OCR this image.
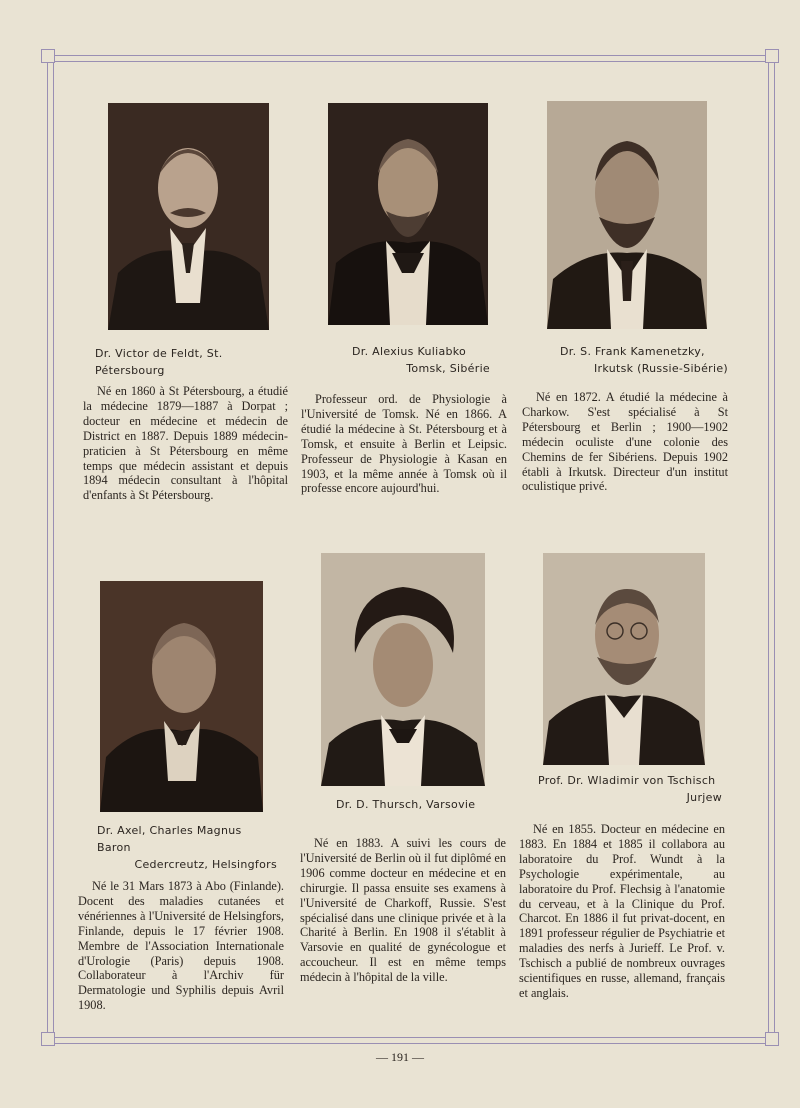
Dr. Victor de Feldt, St. Pétersbourg
Dr. Alexius Kuliabko
Tomsk, Sibérie
Dr. S. Frank Kamenetzky,
Irkutsk (Russie-Sibérie)
Dr. Axel, Charles Magnus Baron
Cedercreutz, Helsingfors
Dr. D. Thursch, Varsovie
Prof. Dr. Wladimir von Tschisch
Jurjew
Né en 1860 à St Pétersbourg, a étudié la médecine 1879—1887 à Dorpat ; docteur en médecine et médecin de District en 1887. Depuis 1889 médecin-praticien à St Pétersbourg en même temps que médecin assistant et depuis 1894 médecin consultant à l'hôpital d'enfants à St Pétersbourg.
Professeur ord. de Physiologie à l'Université de Tomsk. Né en 1866. A étudié la médecine à St. Pétersbourg et à Tomsk, et ensuite à Berlin et Leipsic. Professeur de Physiologie à Kasan en 1903, et la même année à Tomsk où il professe encore aujourd'hui.
Né en 1872. A étudié la médecine à Charkow. S'est spécialisé à St Pétersbourg et Berlin ; 1900—1902 médecin oculiste d'une colonie des Chemins de fer Sibériens. Depuis 1902 établi à Irkutsk. Directeur d'un institut oculistique privé.
Né le 31 Mars 1873 à Abo (Finlande). Docent des maladies cutanées et vénériennes à l'Université de Helsingfors, Finlande, depuis le 17 février 1908. Membre de l'Association Internationale d'Urologie (Paris) depuis 1908. Collaborateur à l'Archiv für Dermatologie und Syphilis depuis Avril 1908.
Né en 1883. A suivi les cours de l'Université de Berlin où il fut diplômé en 1906 comme docteur en médecine et en chirurgie. Il passa ensuite ses examens à l'Université de Charkoff, Russie. S'est spécialisé dans une clinique privée et à la Charité à Berlin. En 1908 il s'établit à Varsovie en qualité de gynécologue et accoucheur. Il est en même temps médecin à l'hôpital de la ville.
Né en 1855. Docteur en médecine en 1883. En 1884 et 1885 il collabora au laboratoire du Prof. Wundt à la Psychologie expérimentale, au laboratoire du Prof. Flechsig à l'anatomie du cerveau, et à la Clinique du Prof. Charcot. En 1886 il fut privat-docent, en 1891 professeur régulier de Psychiatrie et maladies des nerfs à Jurieff. Le Prof. v. Tschisch a publié de nombreux ouvrages scientifiques en russe, allemand, français et anglais.
— 191 —
